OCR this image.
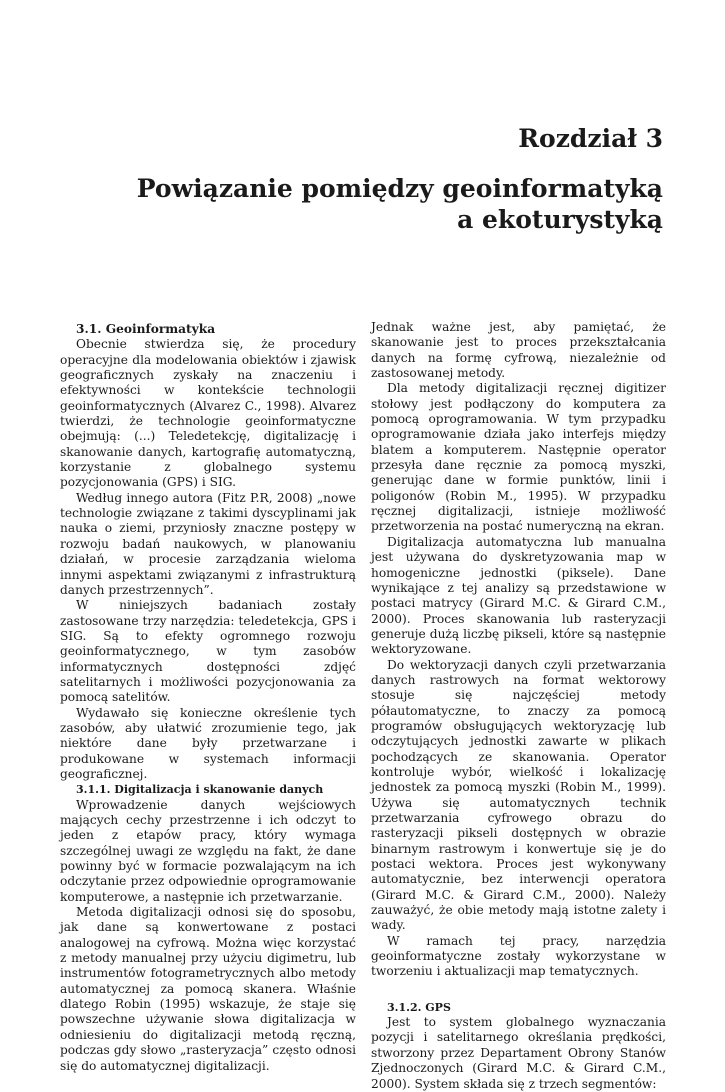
Rozdział 3
Powiązanie pomiędzy geoinformatyką
a ekoturystyką

3.1. Geoinformatyka

Obecnie stwierdza się, że procedury operacyjne dla modelowania obiektów i zjawisk geograficznych zyskały na znaczeniu i efektywności w kontekście technologii geoinformatycznych (Alvarez C., 1998). Alvarez twierdzi, że technologie geoinformatyczne obejmują: (...) Teledetekcję, digitalizację i skanowanie danych, kartografię automatyczną, korzystanie z globalnego systemu pozycjonowania (GPS) i SIG.

Według innego autora (Fitz P.R, 2008) „nowe technologie związane z takimi dyscyplinami jak nauka o ziemi, przyniosły znaczne postępy w rozwoju badań naukowych, w planowaniu działań, w procesie zarządzania wieloma innymi aspektami związanymi z infrastrukturą danych przestrzennych”.

W niniejszych badaniach zostały zastosowane trzy narzędzia: teledetekcja, GPS i SIG. Są to efekty ogromnego rozwoju geoinformatycznego, w tym zasobów informatycznych dostępności zdjęć satelitarnych i możliwości pozycjonowania za pomocą satelitów.

Wydawało się konieczne określenie tych zasobów, aby ułatwić zrozumienie tego, jak niektóre dane były przetwarzane i produkowane w systemach informacji geograficznej.

3.1.1. Digitalizacja i skanowanie danych

Wprowadzenie danych wejściowych mających cechy przestrzenne i ich odczyt to jeden z etapów pracy, który wymaga szczególnej uwagi ze względu na fakt, że dane powinny być w formacie pozwalającym na ich odczytanie przez odpowiednie oprogramowanie komputerowe, a następnie ich przetwarzanie.

Metoda digitalizacji odnosi się do sposobu, jak dane są konwertowane z postaci analogowej na cyfrową. Można więc korzystać z metody manualnej przy użyciu digimetru, lub instrumentów fotogrametrycznych albo metody automatycznej za pomocą skanera. Właśnie dlatego Robin (1995) wskazuje, że staje się powszechne używanie słowa digitalizacja w odniesieniu do digitalizacji metodą ręczną, podczas gdy słowo „rasteryzacja” często odnosi się do automatycznej digitalizacji.

Jednak ważne jest, aby pamiętać, że skanowanie jest to proces przekształcania danych na formę cyfrową, niezależnie od zastosowanej metody.

Dla metody digitalizacji ręcznej digitizer stołowy jest podłączony do komputera za pomocą oprogramowania. W tym przypadku oprogramowanie działa jako interfejs między blatem a komputerem. Następnie operator przesyła dane ręcznie za pomocą myszki, generując dane w formie punktów, linii i poligonów (Robin M., 1995). W przypadku ręcznej digitalizacji, istnieje możliwość przetworzenia na postać numeryczną na ekran.

Digitalizacja automatyczna lub manualna jest używana do dyskretyzowania map w homogeniczne jednostki (piksele). Dane wynikające z tej analizy są przedstawione w postaci matrycy (Girard M.C. & Girard C.M., 2000). Proces skanowania lub rasteryzacji generuje dużą liczbę pikseli, które są następnie wektoryzowane.

Do wektoryzacji danych czyli przetwarzania danych rastrowych na format wektorowy stosuje się najczęściej metody półautomatyczne, to znaczy za pomocą programów obsługujących wektoryzację lub odczytujących jednostki zawarte w plikach pochodzących ze skanowania. Operator kontroluje wybór, wielkość i lokalizację jednostek za pomocą myszki (Robin M., 1999). Używa się automatycznych technik przetwarzania cyfrowego obrazu do rasteryzacji pikseli dostępnych w obrazie binarnym rastrowym i konwertuje się je do postaci wektora. Proces jest wykonywany automatycznie, bez interwencji operatora (Girard M.C. & Girard C.M., 2000). Należy zauważyć, że obie metody mają istotne zalety i wady.

W ramach tej pracy, narzędzia geoinformatyczne zostały wykorzystane w tworzeniu i aktualizacji map tematycznych.

3.1.2. GPS

Jest to system globalnego wyznaczania pozycji i satelitarnego określania prędkości, stworzony przez Departament Obrony Stanów Zjednoczonych (Girard M.C. & Girard C.M., 2000). System składa się z trzech segmentów:
